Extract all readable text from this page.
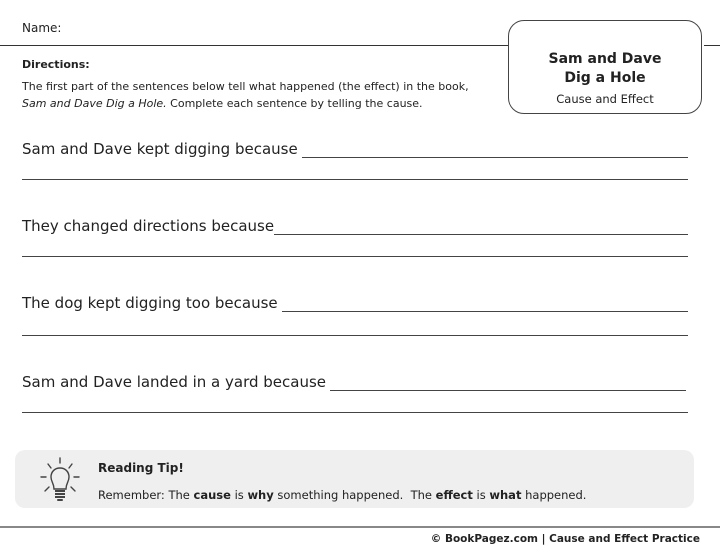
Name:
Sam and Dave
Dig a Hole
Cause and Effect
Directions:
The first part of the sentences below tell what happened (the effect) in the book, Sam and Dave Dig a Hole. Complete each sentence by telling the cause.
Sam and Dave kept digging because
They changed directions because
The dog kept digging too because
Sam and Dave landed in a yard because
Reading Tip!
Remember: The cause is why something happened.  The effect is what happened.
© BookPagez.com | Cause and Effect Practice
